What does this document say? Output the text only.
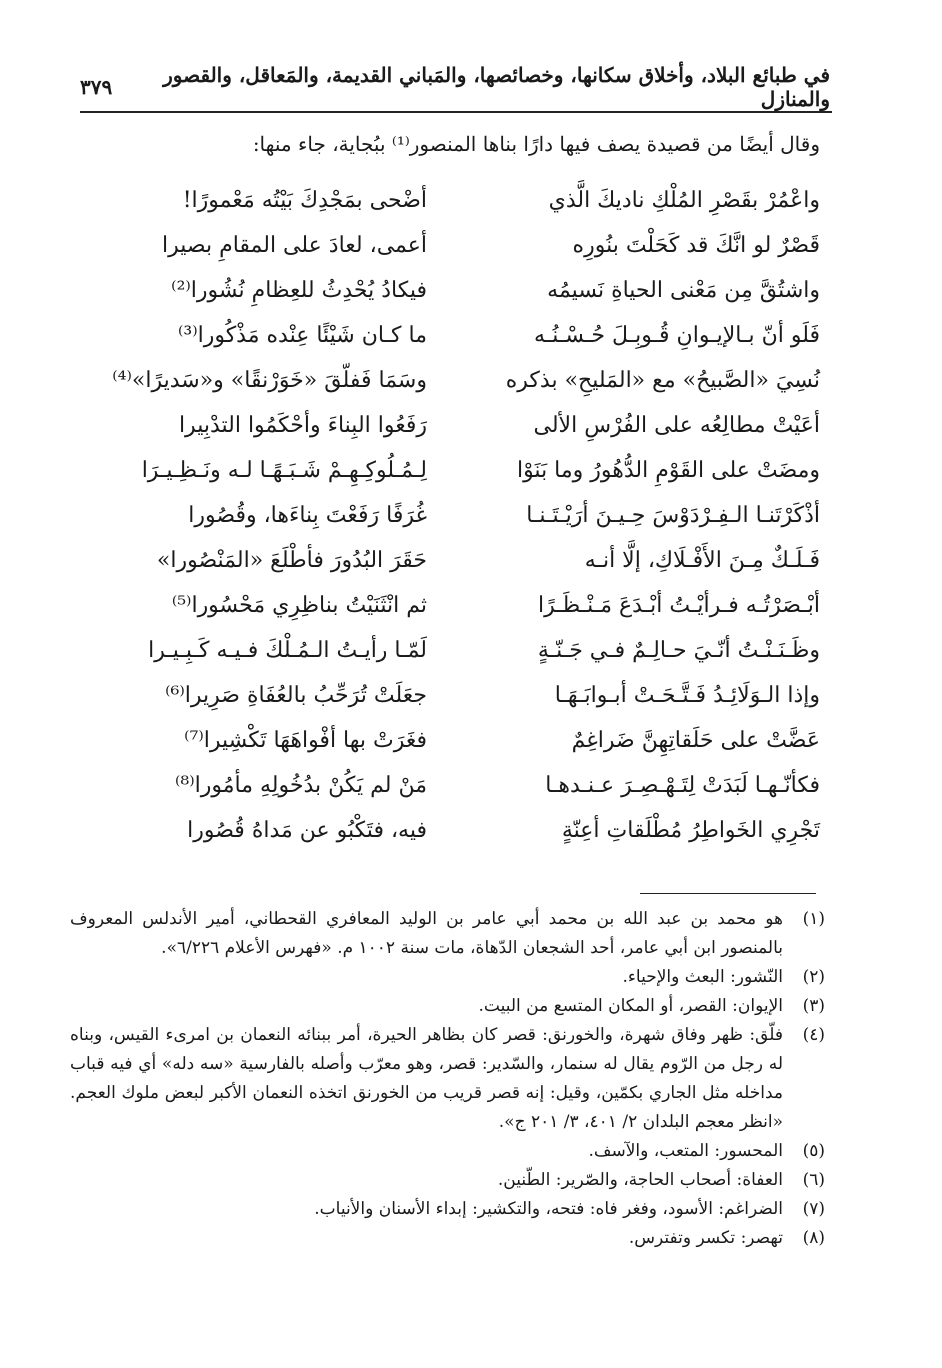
في طبائع البلاد، وأخلاق سكانها، وخصائصها، والمَباني القديمة، والمَعاقل، والقصور والمنازل
٣٧٩
وقال أيضًا من قصيدة يصف فيها دارًا بناها المنصور⁽¹⁾ ببُجاية، جاء منها:
واعْمُرْ بقَصْرِ المُلْكِ ناديكَ الَّذي
أضْحى بمَجْدِكَ بَيْتُه مَعْمورًا!
قَصْرٌ لو انَّكَ قد كَحَلْتَ بنُورِه
أعمى، لعادَ على المقامِ بصيرا
واشتُقَّ مِن مَعْنى الحياةِ نَسيمُه
فيكادُ يُحْدِثُ للعِظامِ نُشُورا⁽²⁾
فَلَو أنّ بـالإيـوانِ قُـوبِـلَ حُـسْـنُـه
ما كـان شَيْئًا عِنْده مَذْكُورا⁽³⁾
نُسِيَ «الصَّبيحُ» مع «المَليحِ» بذكره
وسَمَا فَفلّقَ «خَوَرْنقًا» و«سَديرًا»⁽⁴⁾
أعَيْتْ مطالِعُه على الفُرْسِ الألى
رَفَعُوا البِناءَ وأحْكَمُوا التدْبِيرا
ومضَتْ على القَوْمِ الدُّهُورُ وما بَنَوْا
لِـمُـلُوكِـهِـمْ شَـبَـهًـا لـه ونَـظِـيـرَا
أذْكَرْتَنـا الـفِـرْدَوْسَ حِـيـنَ أرَيْـتَـنـا
غُرَفًا رَفَعْتَ بِناءَها، وقُصُورا
فَـلَـكٌ مِـنَ الأَفْـلَاكِ، إلَّا أنـه
حَقَرَ البُدُورَ فأطْلَعَ «المَنْصُورا»
أبْـصَرْتُـه فـرأيْـتُ أبْـدَعَ مَـنْـظَـرًا
ثم انْثَنَيْتُ بناظِرِي مَحْسُورا⁽⁵⁾
وظَـنَـنْـتُ أنّـيَ حـالِـمٌ فـي جَـنّـةٍ
لَمّـا رأيـتُ الـمُـلْكَ فـيـه كَـبِـيـرا
وإذا الـوَلَائِـدُ فَـتَّـحَـتْ أبـوابَـهَـا
جعَلَتْ تُرَحِّبُ بالعُفَاةِ صَرِيرا⁽⁶⁾
عَضَّتْ على حَلَقاتِهِنَّ ضَراغِمٌ
فغَرَتْ بها أفْواهَهَا تَكْشِيرا⁽⁷⁾
فكأنّـهـا لَبَدَتْ لِتَـهْـصِـرَ عـنـدهـا
مَنْ لم يَكُنْ بدُخُولِهِ مأمُورا⁽⁸⁾
تَجْرِي الخَواطِرُ مُطْلَقاتِ أعِنّةٍ
فيه، فتَكْبُو عن مَداهُ قُصُورا
(١)
هو محمد بن عبد الله بن محمد أبي عامر بن الوليد المعافري القحطاني، أمير الأندلس المعروف بالمنصور ابن أبي عامر، أحد الشجعان الدّهاة، مات سنة ١٠٠٢ م. «فهرس الأعلام ٦/٢٢٦».
(٢)
النّشور: البعث والإحياء.
(٣)
الإيوان: القصر، أو المكان المتسع من البيت.
(٤)
فلّق: ظهر وفاق شهرة، والخورنق: قصر كان بظاهر الحيرة، أمر ببنائه النعمان بن امرىء القيس، وبناه له رجل من الرّوم يقال له سنمار، والسّدير: قصر، وهو معرّب وأصله بالفارسية «سه دله» أي فيه قباب مداخله مثل الجاري بكمّين، وقيل: إنه قصر قريب من الخورنق اتخذه النعمان الأكبر لبعض ملوك العجم. «انظر معجم البلدان ٢/ ٤٠١، ٣/ ٢٠١ ج».
(٥)
المحسور: المتعب، والآسف.
(٦)
العفاة: أصحاب الحاجة، والصّرير: الطّنين.
(٧)
الضراغم: الأسود، وفغر فاه: فتحه، والتكشير: إبداء الأسنان والأنياب.
(٨)
تهصر: تكسر وتفترس.
